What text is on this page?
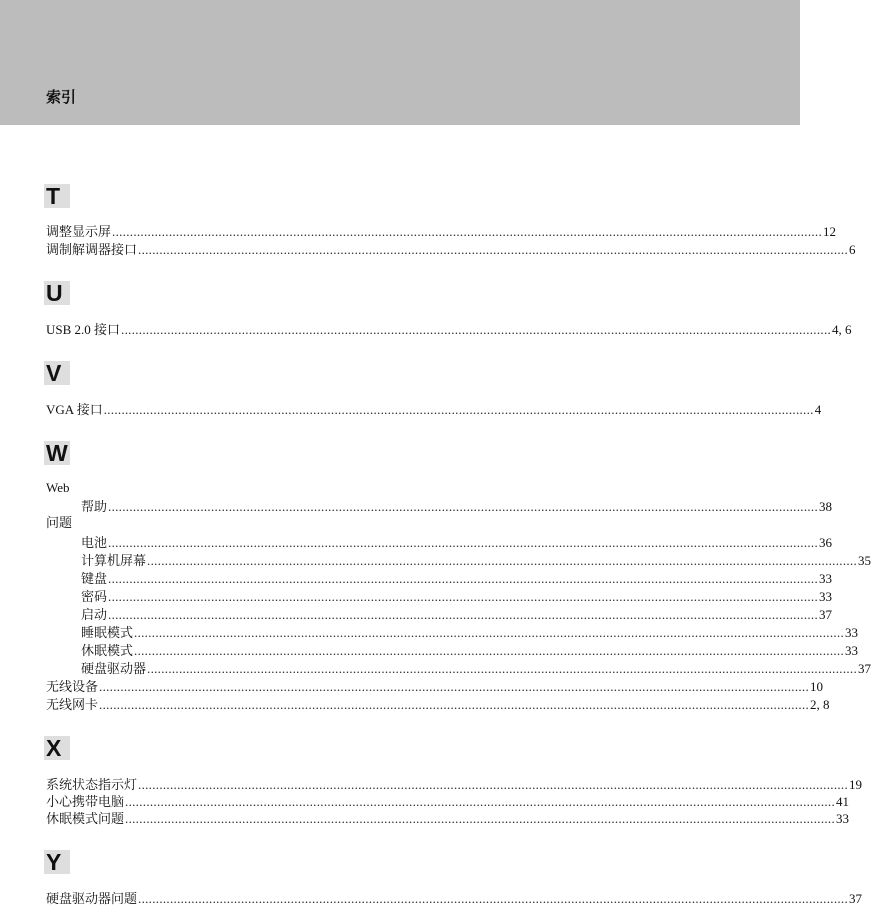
索引
T
调整显示屏 ........................................................................................................................................................................................................ 12
调制解调器接口 ........................................................................................................................................................................................................ 6
U
USB 2.0 接口 ........................................................................................................................................................................................................ 4, 6
V
VGA 接口 ........................................................................................................................................................................................................ 4
W
Web
帮助 ........................................................................................................................................................................................................ 38
问题
电池 ........................................................................................................................................................................................................ 36
计算机屏幕 ........................................................................................................................................................................................................ 35
键盘 ........................................................................................................................................................................................................ 33
密码 ........................................................................................................................................................................................................ 33
启动 ........................................................................................................................................................................................................ 37
睡眠模式 ........................................................................................................................................................................................................ 33
休眠模式 ........................................................................................................................................................................................................ 33
硬盘驱动器 ........................................................................................................................................................................................................ 37
无线设备 ........................................................................................................................................................................................................ 10
无线网卡 ........................................................................................................................................................................................................ 2, 8
X
系统状态指示灯 ........................................................................................................................................................................................................ 19
小心携带电脑 ........................................................................................................................................................................................................ 41
休眠模式问题 ........................................................................................................................................................................................................ 33
Y
硬盘驱动器问题 ........................................................................................................................................................................................................ 37
